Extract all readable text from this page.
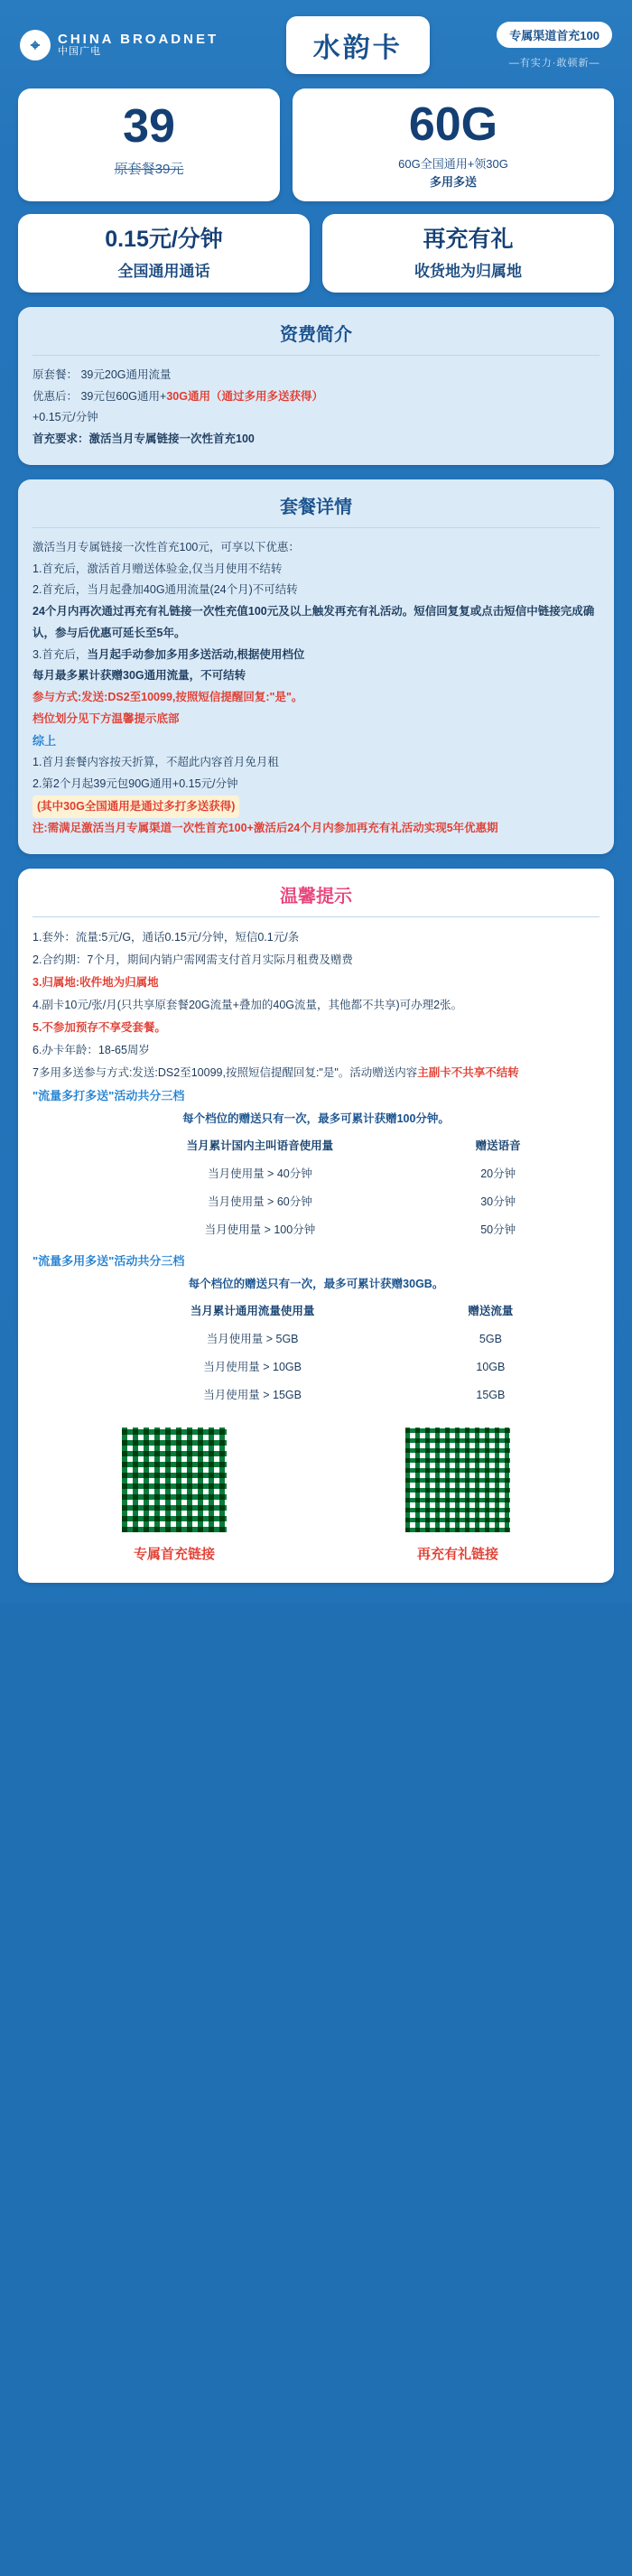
⌖	CHINA BROADNET
中国广电	水韵卡	专属渠道首充100
—有实力·敢顿新—
39
原套餐39元
60G
60G全国通用+领30G
多用多送
0.15元/分钟
全国通用通话
再充有礼
收货地为归属地
资费简介

原套餐： 39元20G通用流量

优惠后： 39元包60G通用+30G通用（通过多用多送获得）

+0.15元/分钟

首充要求：激活当月专属链接一次性首充100

套餐详情

激活当月专属链接一次性首充100元，可享以下优惠：

1.首充后，激活首月赠送体验金,仅当月使用不结转

2.首充后，当月起叠加40G通用流量(24个月)不可结转

24个月内再次通过再充有礼链接一次性充值100元及以上触发再充有礼活动。短信回复复或点击短信中链接完成确认，参与后优惠可延长至5年。

3.首充后，当月起手动参加多用多送活动,根据使用档位

每月最多累计获赠30G通用流量，不可结转

参与方式:发送:DS2至10099,按照短信提醒回复:"是"。

档位划分见下方温馨提示底部

综上

1.首月套餐内容按天折算，不超此内容首月免月租

2.第2个月起39元包90G通用+0.15元/分钟

(其中30G全国通用是通过多打多送获得)

注:需满足激活当月专属渠道一次性首充100+激活后24个月内参加再充有礼活动实现5年优惠期

温馨提示

1.套外：流量:5元/G，通话0.15元/分钟，短信0.1元/条

2.合约期：7个月，期间内销户需网需支付首月实际月租费及赠费

3.归属地:收件地为归属地

4.副卡10元/张/月(只共享原套餐20G流量+叠加的40G流量，其他都不共享)可办理2张。

5.不参加预存不享受套餐。

6.办卡年龄：18-65周岁

7多用多送参与方式:发送:DS2至10099,按照短信提醒回复:"是"。活动赠送内容主副卡不共享不结转

"流量多打多送"活动共分三档

每个档位的赠送只有一次，最多可累计获赠100分钟。

当月累计国内主叫语音使用量	赠送语音
当月使用量 > 40分钟	20分钟
当月使用量 > 60分钟	30分钟
当月使用量 > 100分钟	50分钟

"流量多用多送"活动共分三档

每个档位的赠送只有一次，最多可累计获赠30GB。

当月累计通用流量使用量	赠送流量
当月使用量 > 5GB	5GB
当月使用量 > 10GB	10GB
当月使用量 > 15GB	15GB
专属首充链接	再充有礼链接
